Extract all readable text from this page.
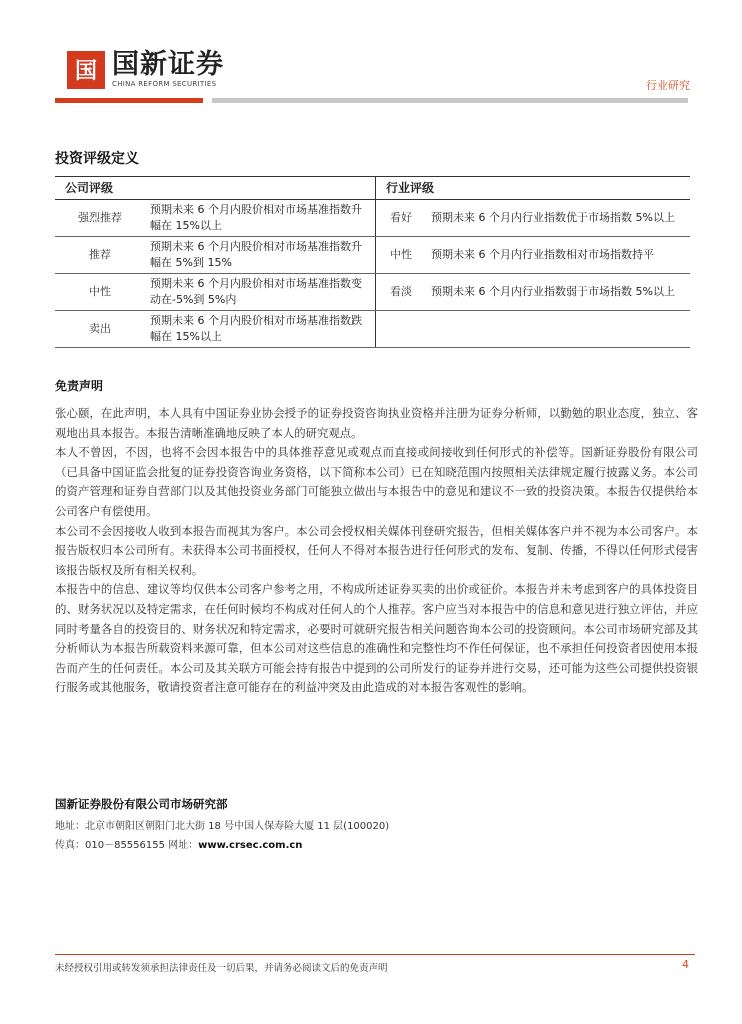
国 国新证券
CHINA REFORM SECURITIES	行业研究
投资评级定义
公司评级		行业评级	
强烈推荐	预期未来 6 个月内股价相对市场基准指数升幅在 15%以上	看好	预期未来 6 个月内行业指数优于市场指数 5%以上
推荐	预期未来 6 个月内股价相对市场基准指数升幅在 5%到 15%	中性	预期未来 6 个月内行业指数相对市场指数持平
中性	预期未来 6 个月内股价相对市场基准指数变动在-5%到 5%内	看淡	预期未来 6 个月内行业指数弱于市场指数 5%以上
卖出	预期未来 6 个月内股价相对市场基准指数跌幅在 15%以上		
免责声明

张心颐，在此声明，本人具有中国证券业协会授予的证券投资咨询执业资格并注册为证券分析师，以勤勉的职业态度，独立、客观地出具本报告。本报告清晰准确地反映了本人的研究观点。

本人不曾因，不因，也将不会因本报告中的具体推荐意见或观点而直接或间接收到任何形式的补偿等。国新证券股份有限公司（已具备中国证监会批复的证券投资咨询业务资格，以下简称本公司）已在知晓范围内按照相关法律规定履行披露义务。本公司的资产管理和证券自营部门以及其他投资业务部门可能独立做出与本报告中的意见和建议不一致的投资决策。本报告仅提供给本公司客户有偿使用。

本公司不会因接收人收到本报告而视其为客户。本公司会授权相关媒体刊登研究报告，但相关媒体客户并不视为本公司客户。本报告版权归本公司所有。未获得本公司书面授权，任何人不得对本报告进行任何形式的发布、复制、传播，不得以任何形式侵害该报告版权及所有相关权利。

本报告中的信息、建议等均仅供本公司客户参考之用，不构成所述证券买卖的出价或征价。本报告并未考虑到客户的具体投资目的、财务状况以及特定需求，在任何时候均不构成对任何人的个人推荐。客户应当对本报告中的信息和意见进行独立评估，并应同时考量各自的投资目的、财务状况和特定需求，必要时可就研究报告相关问题咨询本公司的投资顾问。本公司市场研究部及其分析师认为本报告所载资料来源可靠，但本公司对这些信息的准确性和完整性均不作任何保证，也不承担任何投资者因使用本报告而产生的任何责任。本公司及其关联方可能会持有报告中提到的公司所发行的证券并进行交易，还可能为这些公司提供投资银行服务或其他服务，敬请投资者注意可能存在的利益冲突及由此造成的对本报告客观性的影响。

国新证券股份有限公司市场研究部
地址：北京市朝阳区朝阳门北大街 18 号中国人保寿险大厦 11 层(100020)
传真：010－85556155 网址：www.crsec.com.cn
未经授权引用或转发须承担法律责任及一切后果，并请务必阅读文后的免责声明	4
